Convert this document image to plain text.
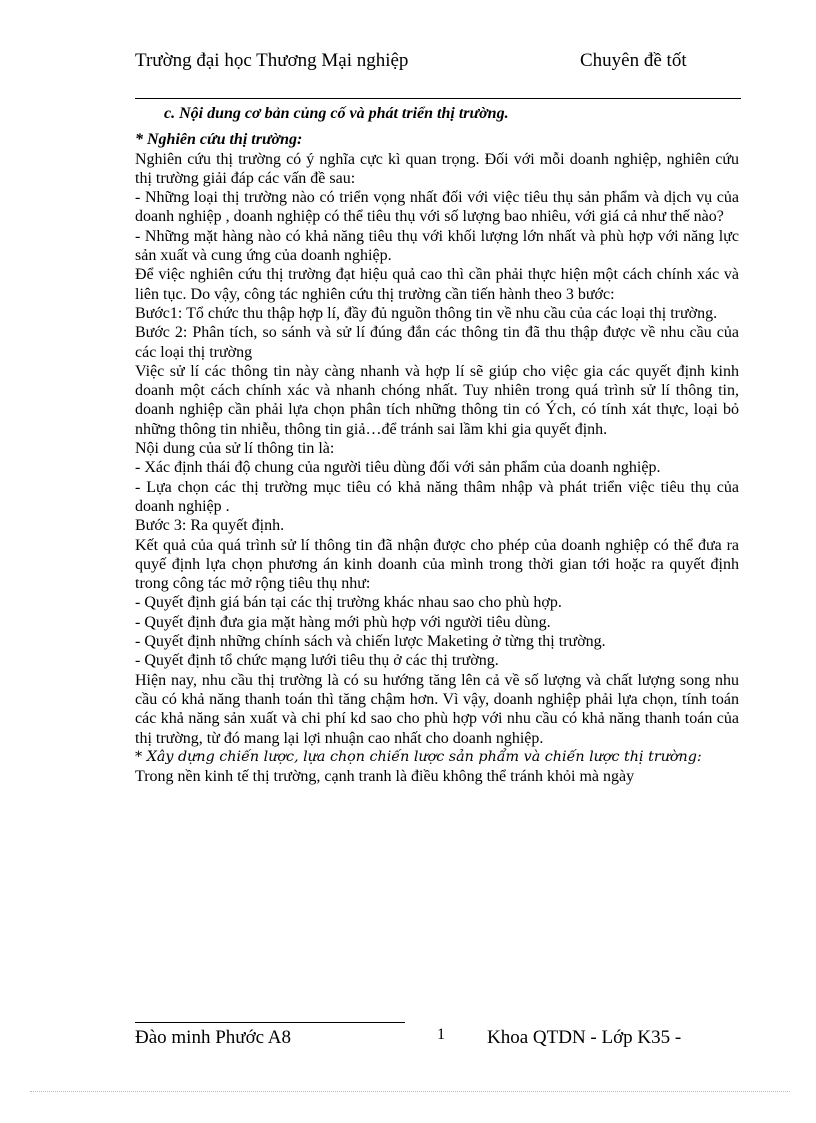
Trường đại học Thương Mại nghiệp	Chuyên đề tốt

c. Nội dung cơ bản củng cố và phát triển thị trường.

* Nghiên cứu thị trường:

Nghiên cứu thị trường có ý nghĩa cực kì quan trọng. Đối với mỗi doanh nghiệp, nghiên cứu thị trường giải đáp các vấn đề sau:

- Những loại thị trường nào có triển vọng nhất đối với việc tiêu thụ sản phẩm và dịch vụ của doanh nghiệp , doanh nghiệp có thể tiêu thụ với số lượng bao nhiêu, với giá cả như thế nào?

- Những mặt hàng nào có khả năng tiêu thụ với khối lượng lớn nhất và phù hợp với năng lực sản xuất và cung ứng của doanh nghiệp.

Để việc nghiên cứu thị trường đạt hiệu quả cao thì cần phải thực hiện một cách chính xác và liên tục. Do vậy, công tác nghiên cứu thị trường cần tiến hành theo 3 bước:

Bước1: Tổ chức thu thập hợp lí, đầy đủ nguồn thông tin về nhu cầu của các loại thị trường.

Bước 2: Phân tích, so sánh và sử lí đúng đắn các thông tin đã thu thập được về nhu cầu của các loại thị trường

Việc sử lí các thông tin này càng nhanh và hợp lí sẽ giúp cho việc gia các quyết định kinh doanh một cách chính xác và nhanh chóng nhất. Tuy nhiên trong quá trình sử lí thông tin, doanh nghiệp cần phải lựa chọn phân tích những thông tin có Ých, có tính xát thực, loại bỏ những thông tin nhiễu, thông tin giả…để tránh sai lầm khi gia quyết định.

Nội dung của sử lí thông tin là:

- Xác định thái độ chung của người tiêu dùng đối với sản phẩm của doanh nghiệp.

- Lựa chọn các thị trường mục tiêu có khả năng thâm nhập và phát triển việc tiêu thụ của doanh nghiệp .

Bước 3: Ra quyết định.

Kết quả của quá trình sử lí thông tin đã nhận được cho phép của doanh nghiệp có thể đưa ra quyế định lựa chọn phương án kinh doanh của mình trong thời gian tới hoặc ra quyết định trong công tác mở rộng tiêu thụ như:

- Quyết định giá bán tại các thị trường khác nhau sao cho phù hợp.

- Quyết định đưa gia mặt hàng mới phù hợp với người tiêu dùng.

- Quyết định những chính sách và chiến lược Maketing ở từng thị trường.

- Quyết định tổ chức mạng lưới tiêu thụ ở các thị trường.

Hiện nay, nhu cầu thị trường là có su hướng tăng lên cả về số lượng và chất lượng song nhu cầu có khả năng thanh toán thì tăng chậm hơn. Vì vậy, doanh nghiệp phải lựa chọn, tính toán các khả năng sản xuất và chi phí kd sao cho phù hợp với nhu cầu có khả năng thanh toán của thị trường, từ đó mang lại lợi nhuận cao nhất cho doanh nghiệp.

* Xây dựng chiến lược, lựa chọn chiến lược sản phẩm và chiến lược thị trường:

Trong nền kinh tế thị trường, cạnh tranh là điều không thể tránh khỏi mà ngày

Đào minh Phước A8	1 Khoa QTDN - Lớp K35 -
